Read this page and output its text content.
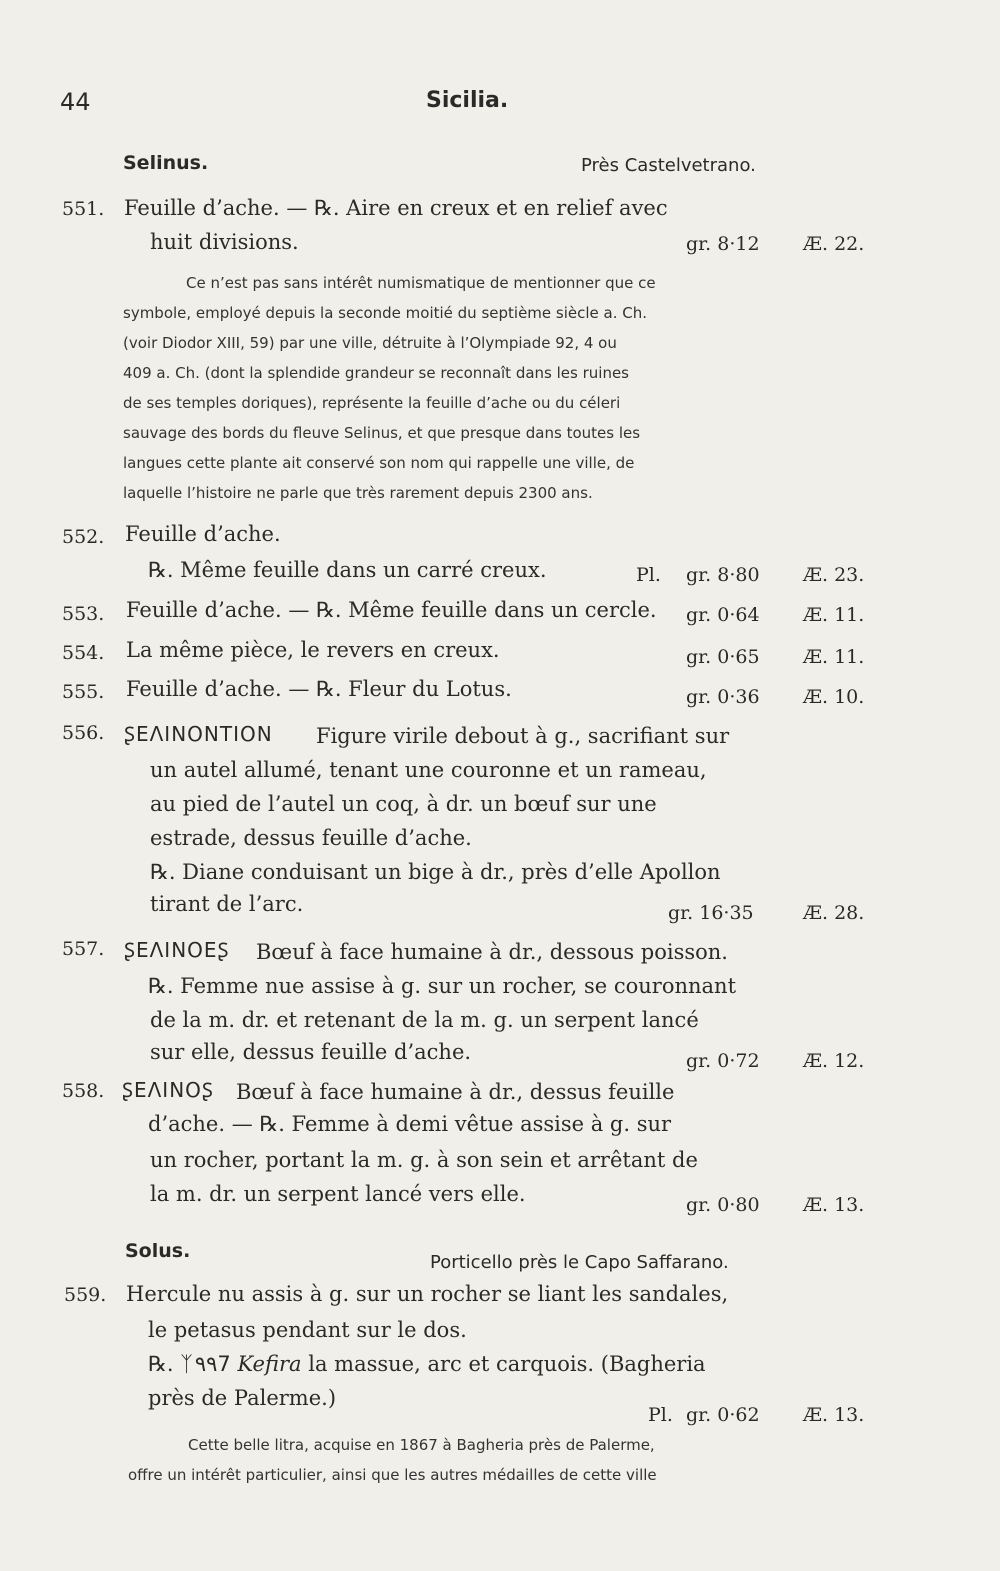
44	Sicilia.
Selinus.	Près Castelvetrano.
551. Feuille d’ache. — ℞. Aire en creux et en relief avec
huit divisions.	gr. 8·12 Æ. 22.
Ce n’est pas sans intérêt numismatique de mentionner que ce
symbole, employé depuis la seconde moitié du septième siècle a. Ch.
(voir Diodor XIII, 59) par une ville, détruite à l’Olympiade 92, 4 ou
409 a. Ch. (dont la splendide grandeur se reconnaît dans les ruines
de ses temples doriques), représente la feuille d’ache ou du céleri
sauvage des bords du fleuve Selinus, et que presque dans toutes les
langues cette plante ait conservé son nom qui rappelle une ville, de
laquelle l’histoire ne parle que très rarement depuis 2300 ans.
552. Feuille d’ache.
℞. Même feuille dans un carré creux.	Pl. gr. 8·80 Æ. 23.
553. Feuille d’ache. — ℞. Même feuille dans un cercle. gr. 0·64 Æ. 11.
554. La même pièce, le revers en creux.	gr. 0·65 Æ. 11.
555. Feuille d’ache. — ℞. Fleur du Lotus.	gr. 0·36 Æ. 10.
556. ꟅΕΛΙΝΟΝΤΙΟΝ Figure virile debout à g., sacrifiant sur
un autel allumé, tenant une couronne et un rameau,
au pied de l’autel un coq, à dr. un bœuf sur une
estrade, dessus feuille d’ache.
℞. Diane conduisant un bige à dr., près d’elle Apollon
tirant de l’arc.	gr. 16·35	Æ. 28.
557. ꟅΕΛΙΝΟΕꟅ Bœuf à face humaine à dr., dessous poisson.
℞. Femme nue assise à g. sur un rocher, se couronnant
de la m. dr. et retenant de la m. g. un serpent lancé
sur elle, dessus feuille d’ache.	gr. 0·72 Æ. 12.
558. ꟅΕΛΙΝΟꟅ Bœuf à face humaine à dr., dessus feuille
d’ache. — ℞. Femme à demi vêtue assise à g. sur
un rocher, portant la m. g. à son sein et arrêtant de
la m. dr. un serpent lancé vers elle.	gr. 0·80 Æ. 13.
Solus.
Porticello près le Capo Saffarano.
559. Hercule nu assis à g. sur un rocher se liant les sandales,
le petasus pendant sur le dos.
℞. ᛉ٩٩7 Kefira la massue, arc et carquois. (Bagheria
près de Palerme.)
Pl. gr. 0·62 Æ. 13.
Cette belle litra, acquise en 1867 à Bagheria près de Palerme,
offre un intérêt particulier, ainsi que les autres médailles de cette ville
